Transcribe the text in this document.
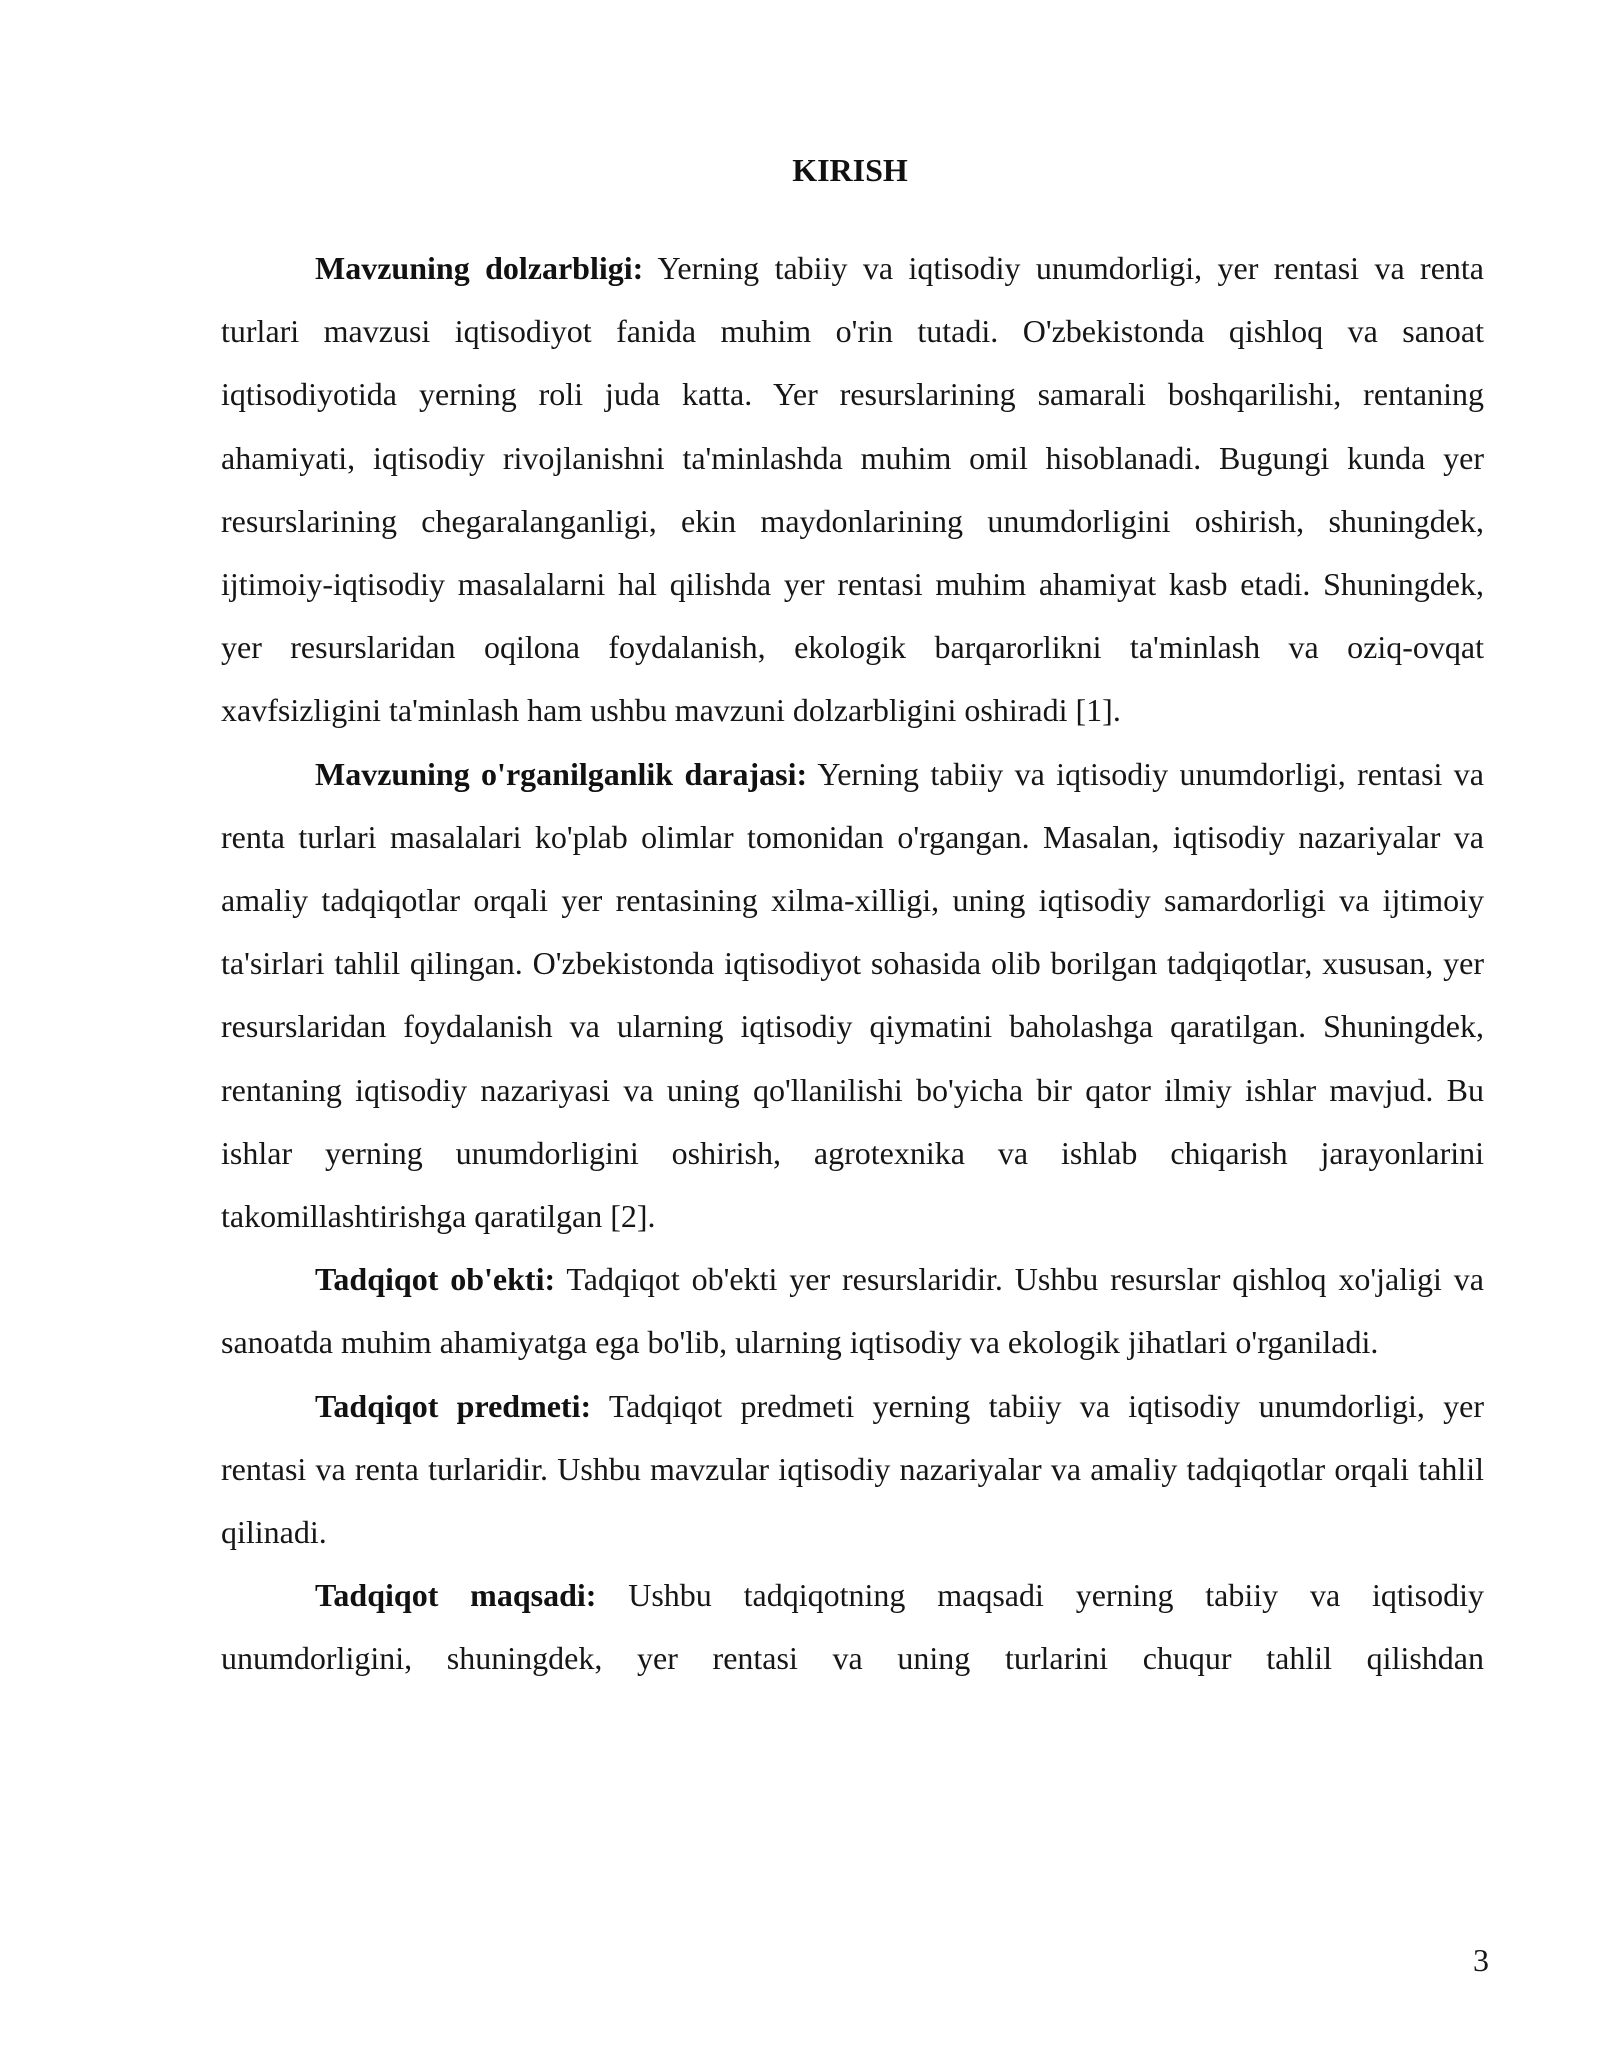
KIRISH

Mavzuning dolzarbligi: Yerning tabiiy va iqtisodiy unumdorligi, yer rentasi va renta turlari mavzusi iqtisodiyot fanida muhim o'rin tutadi. O'zbekistonda qishloq va sanoat iqtisodiyotida yerning roli juda katta. Yer resurslarining samarali boshqarilishi, rentaning ahamiyati, iqtisodiy rivojlanishni ta'minlashda muhim omil hisoblanadi. Bugungi kunda yer resurslarining chegaralanganligi, ekin maydonlarining unumdorligini oshirish, shuningdek, ijtimoiy-iqtisodiy masalalarni hal qilishda yer rentasi muhim ahamiyat kasb etadi. Shuningdek, yer resurslaridan oqilona foydalanish, ekologik barqarorlikni ta'minlash va oziq-ovqat xavfsizligini ta'minlash ham ushbu mavzuni dolzarbligini oshiradi [1].

Mavzuning o'rganilganlik darajasi: Yerning tabiiy va iqtisodiy unumdorligi, rentasi va renta turlari masalalari ko'plab olimlar tomonidan o'rgangan. Masalan, iqtisodiy nazariyalar va amaliy tadqiqotlar orqali yer rentasining xilma-xilligi, uning iqtisodiy samardorligi va ijtimoiy ta'sirlari tahlil qilingan. O'zbekistonda iqtisodiyot sohasida olib borilgan tadqiqotlar, xususan, yer resurslaridan foydalanish va ularning iqtisodiy qiymatini baholashga qaratilgan. Shuningdek, rentaning iqtisodiy nazariyasi va uning qo'llanilishi bo'yicha bir qator ilmiy ishlar mavjud. Bu ishlar yerning unumdorligini oshirish, agrotexnika va ishlab chiqarish jarayonlarini takomillashtirishga qaratilgan [2].

Tadqiqot ob'ekti: Tadqiqot ob'ekti yer resurslaridir. Ushbu resurslar qishloq xo'jaligi va sanoatda muhim ahamiyatga ega bo'lib, ularning iqtisodiy va ekologik jihatlari o'rganiladi.

Tadqiqot predmeti: Tadqiqot predmeti yerning tabiiy va iqtisodiy unumdorligi, yer rentasi va renta turlaridir. Ushbu mavzular iqtisodiy nazariyalar va amaliy tadqiqotlar orqali tahlil qilinadi.

Tadqiqot maqsadi: Ushbu tadqiqotning maqsadi yerning tabiiy va iqtisodiy unumdorligini, shuningdek, yer rentasi va uning turlarini chuqur tahlil qilishdan

3
